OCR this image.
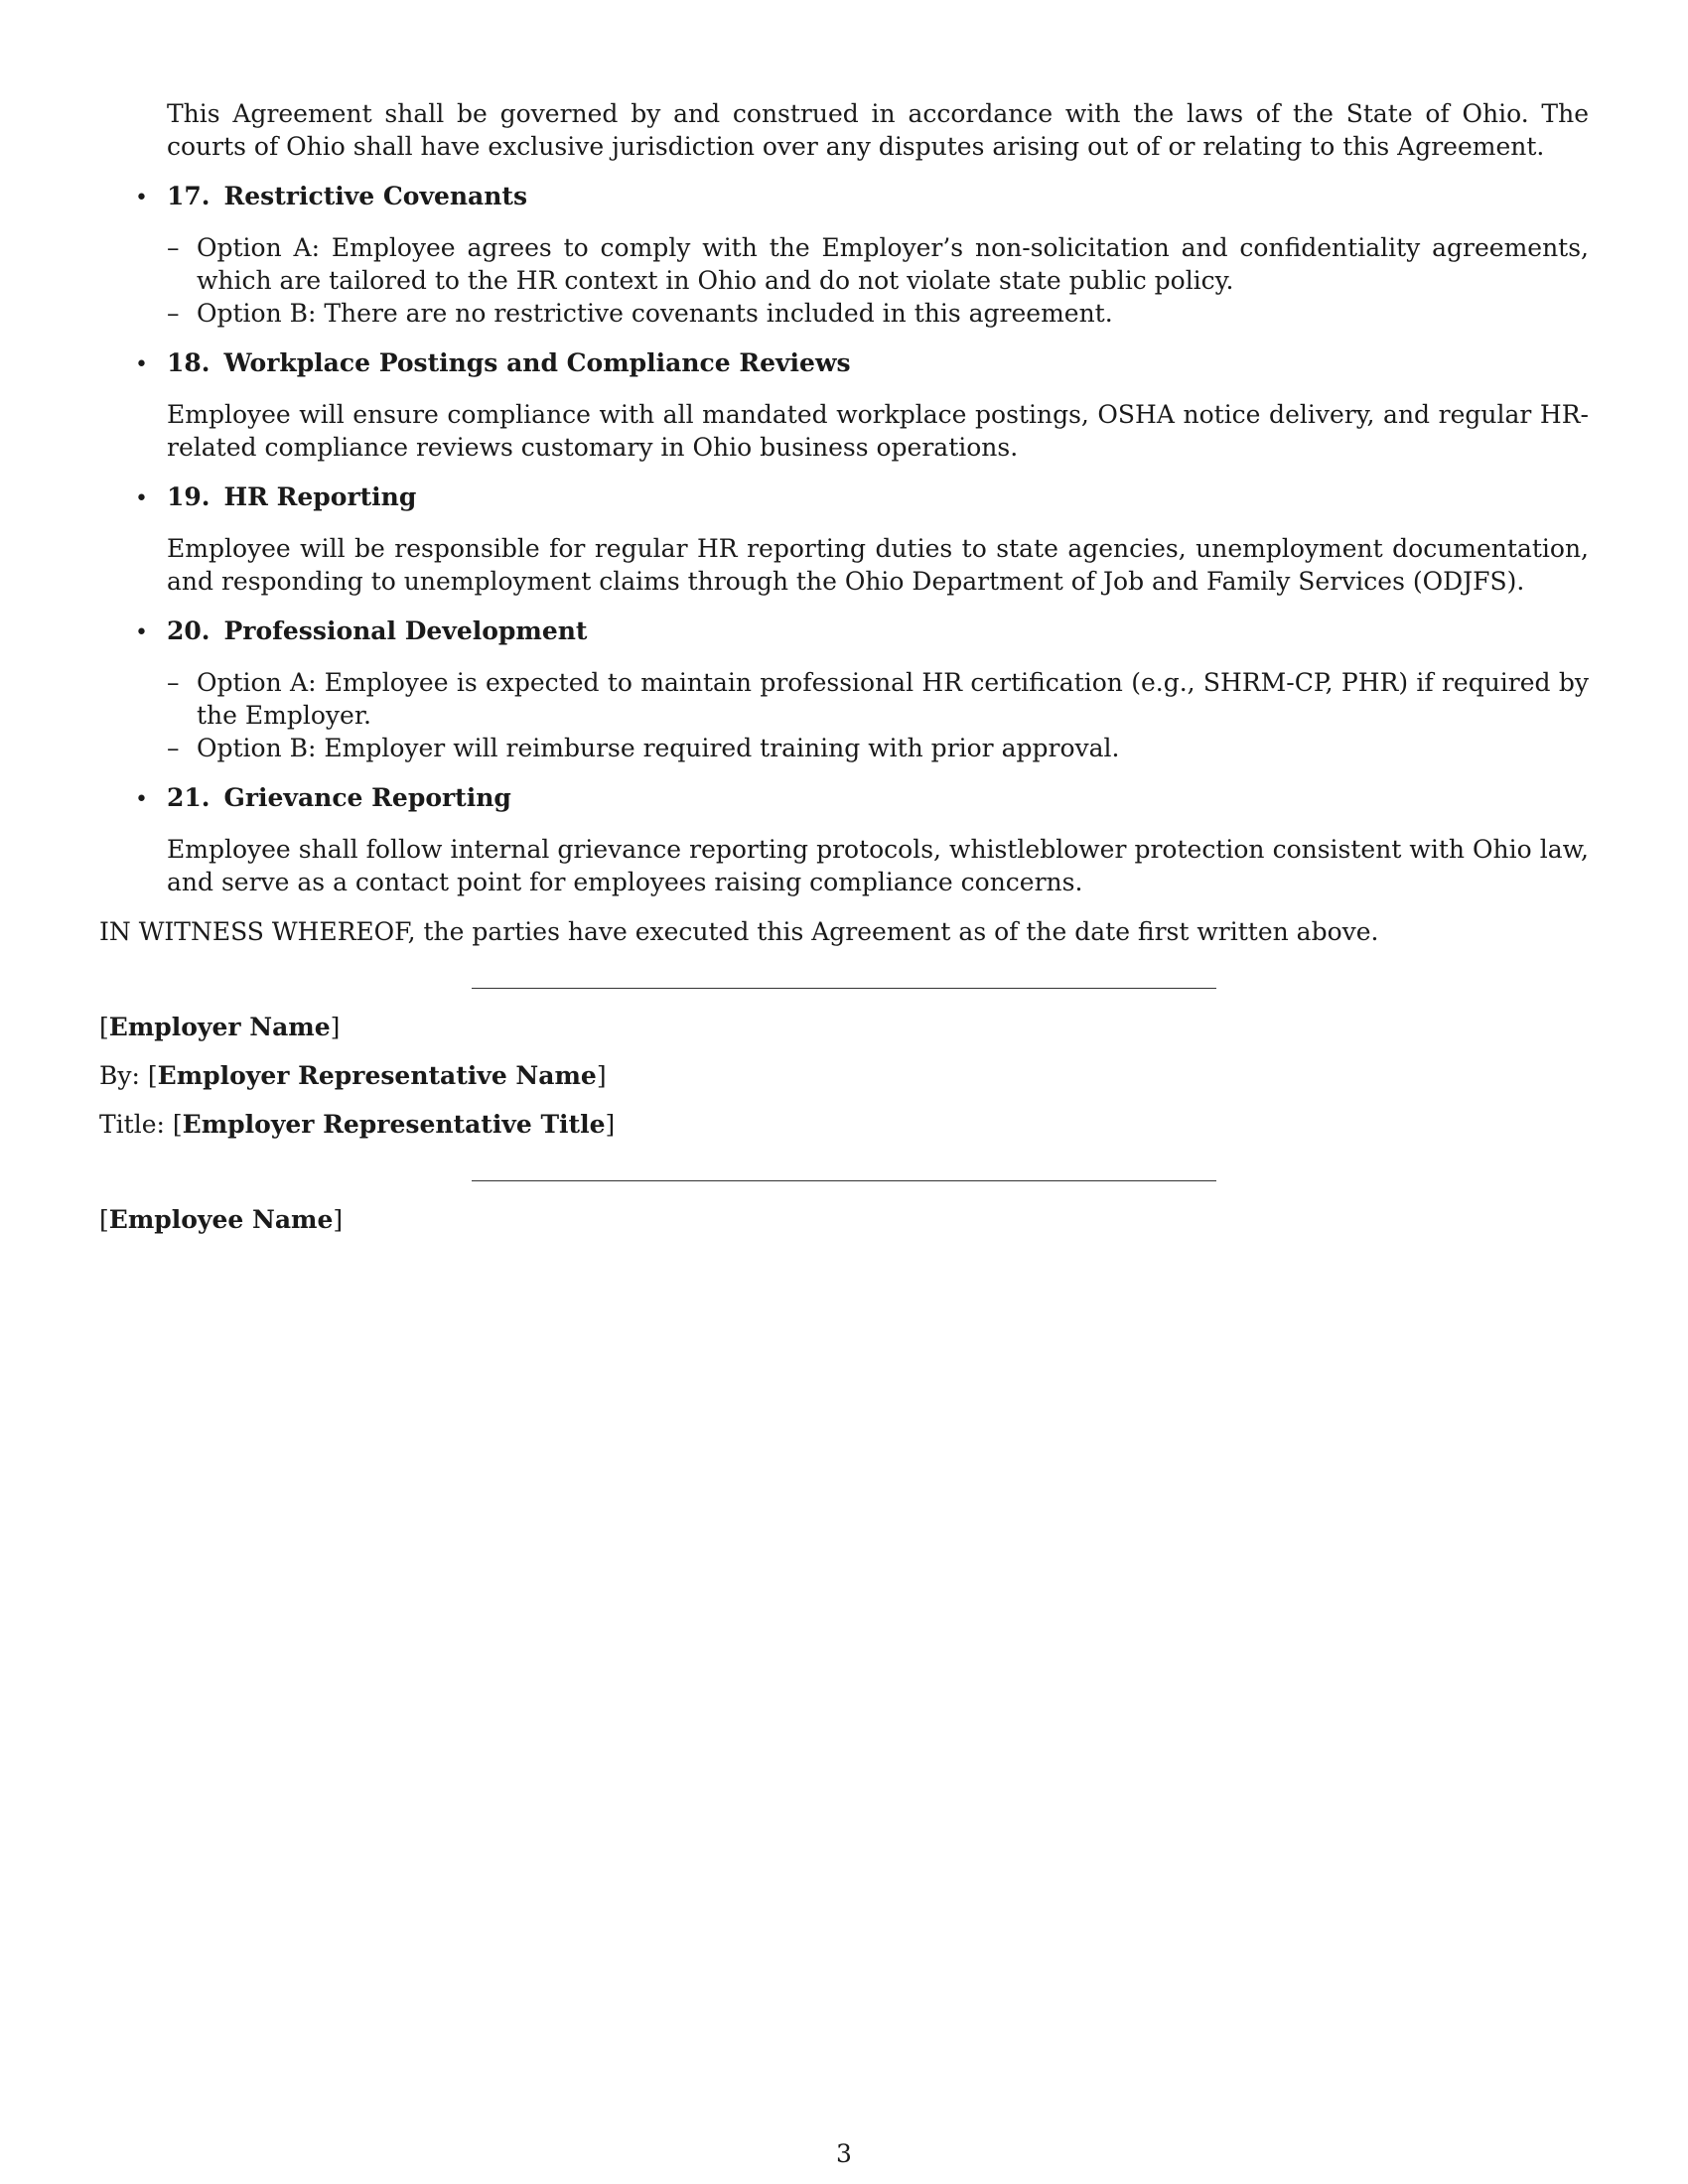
This Agreement shall be governed by and construed in accordance with the laws of the State of Ohio. The courts of Ohio shall have exclusive jurisdiction over any disputes arising out of or relating to this Agreement.

• 17. Restrictive Covenants
– Option A: Employee agrees to comply with the Employer’s non-solicitation and confidentiality agreements, which are tailored to the HR context in Ohio and do not violate state public policy.
– Option B: There are no restrictive covenants included in this agreement.
• 18. Workplace Postings and Compliance Reviews

Employee will ensure compliance with all mandated workplace postings, OSHA notice delivery, and regular HR-related compliance reviews customary in Ohio business operations.

• 19. HR Reporting

Employee will be responsible for regular HR reporting duties to state agencies, unemployment documentation, and responding to unemployment claims through the Ohio Department of Job and Family Services (ODJFS).

• 20. Professional Development
– Option A: Employee is expected to maintain professional HR certification (e.g., SHRM-CP, PHR) if required by the Employer.
– Option B: Employer will reimburse required training with prior approval.
• 21. Grievance Reporting

Employee shall follow internal grievance reporting protocols, whistleblower protection consistent with Ohio law, and serve as a contact point for employees raising compliance concerns.

IN WITNESS WHEREOF, the parties have executed this Agreement as of the date first written above.

[Employer Name]

By: [Employer Representative Name]

Title: [Employer Representative Title]

[Employee Name]

3
